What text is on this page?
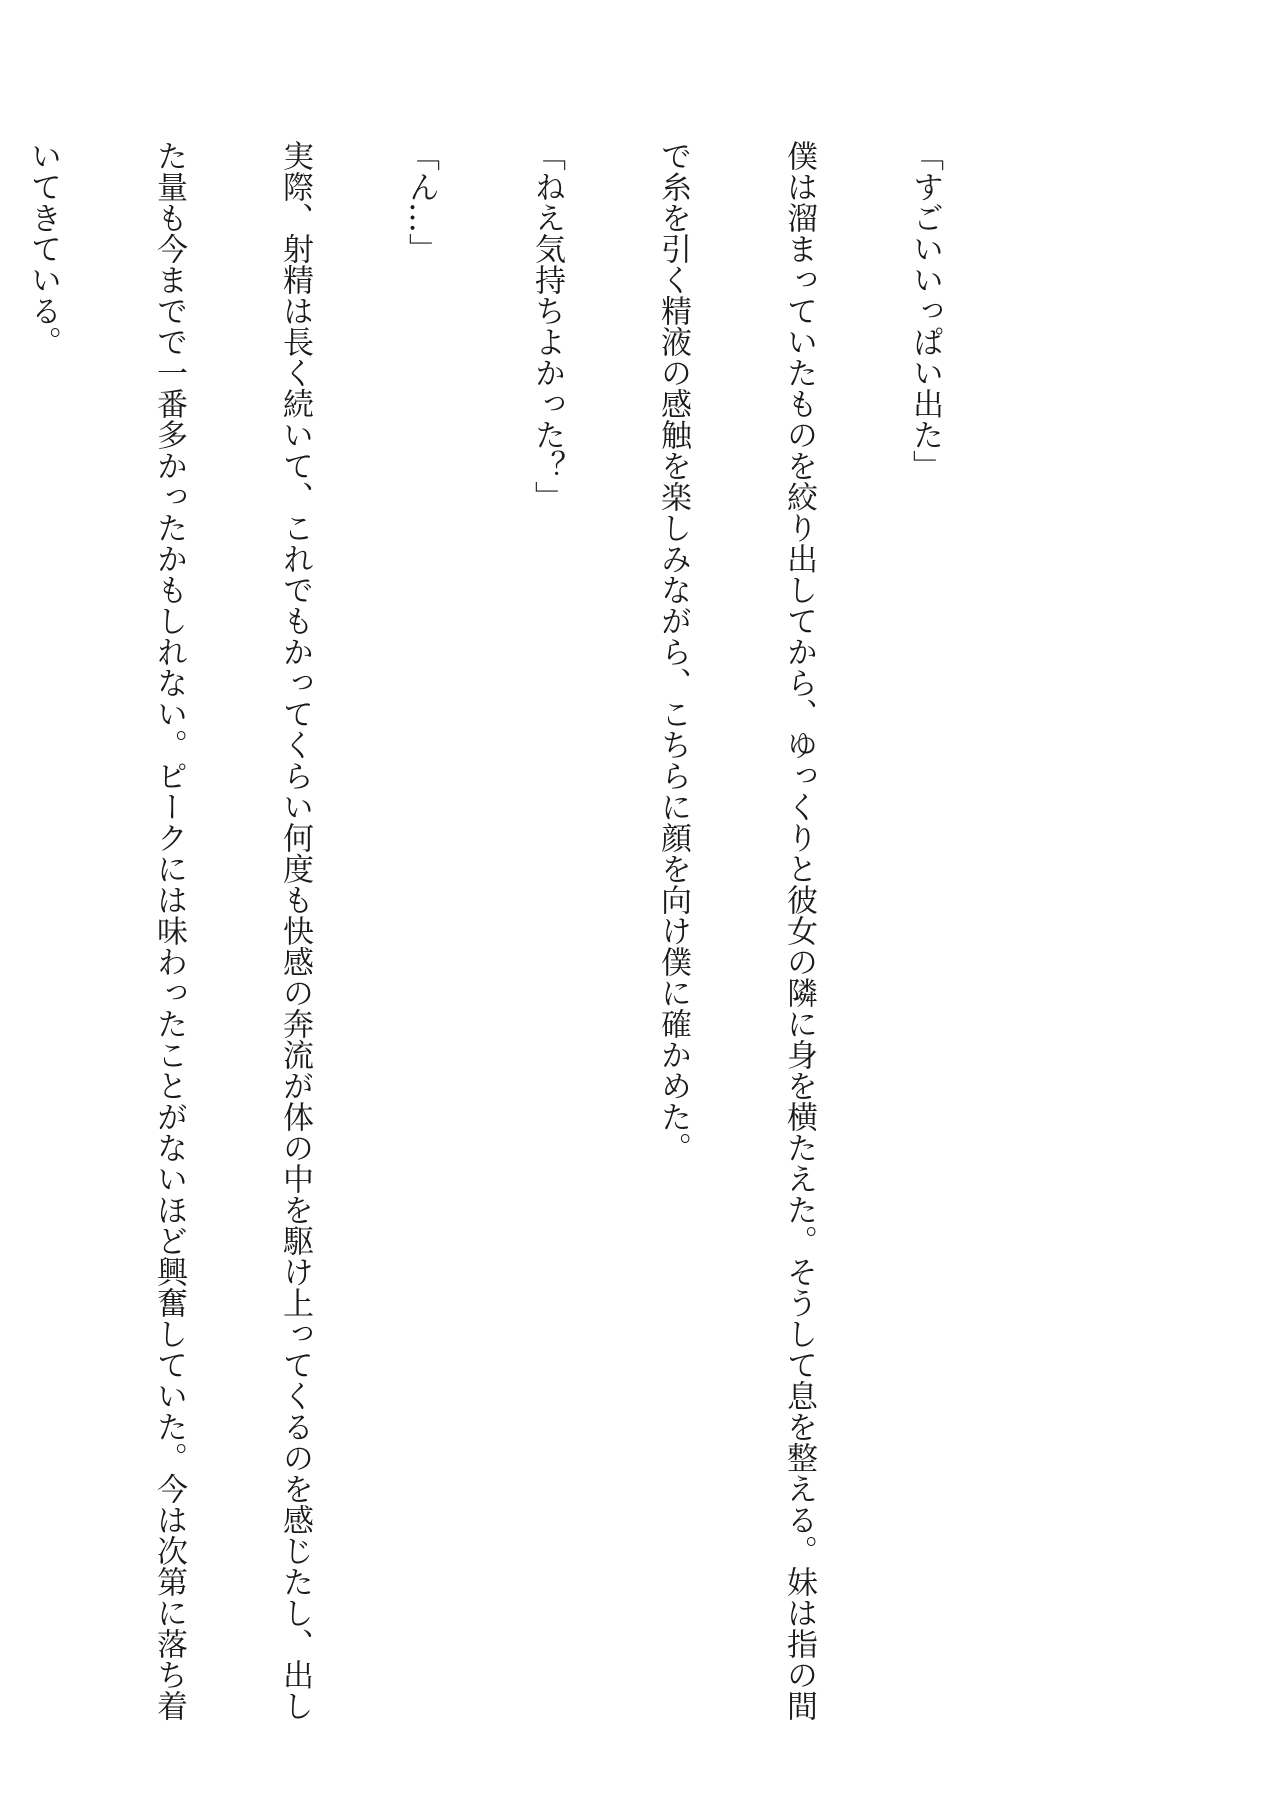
「すごいいっぱい出た」

僕は溜まっていたものを絞り出してから、ゆっくりと彼女の隣に身を横たえた。そうして息を整える。妹は指の間

で糸を引く精液の感触を楽しみながら、こちらに顔を向け僕に確かめた。

「ねえ気持ちよかった？」

「ん…」

実際、射精は長く続いて、これでもかってくらい何度も快感の奔流が体の中を駆け上ってくるのを感じたし、出し

た量も今までで一番多かったかもしれない。ピークには味わったことがないほど興奮していた。今は次第に落ち着

いてきている。
